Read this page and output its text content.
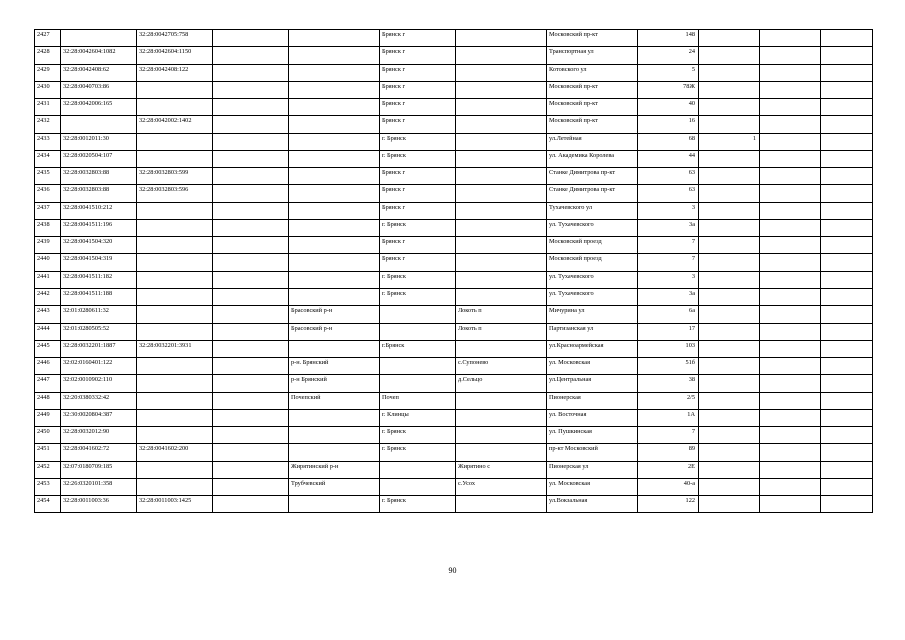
2427		32:28:0042705:758			Брянск г		Московский пр-кт	148			
2428	32:28:0042604:1082	32:28:0042604:1150			Брянск г		Транспортная ул	24			
2429	32:28:0042408:62	32:28:0042408:122			Брянск г		Котовского ул	5			
2430	32:28:0040703:86				Брянск г		Московский пр-кт	78Ж			
2431	32:28:0042006:165				Брянск г		Московский пр-кт	40			
2432		32:28:0042002:1402			Брянск г		Московский пр-кт	16			
2433	32:28:0012011:30				г. Брянск		ул.Летейная	68	1		
2434	32:28:0020504:107				г. Брянск		ул. Академика Королева	44			
2435	32:28:0032803:88	32:28:0032803:599			Брянск г		Станке Димитрова пр-кт	63			
2436	32:28:0032803:88	32:28:0032803:596			Брянск г		Станке Димитрова пр-кт	63			
2437	32:28:0041510:212				Брянск г		Тухачевского ул	3			
2438	32:28:0041511:196				г. Брянск		ул. Тухачевского	3а			
2439	32:28:0041504:320				Брянск г		Московский проезд	7			
2440	32:28:0041504:319				Брянск г		Московский проезд	7			
2441	32:28:0041511:182				г. Брянск		ул. Тухачевского	3			
2442	32:28:0041511:188				г. Брянск		ул. Тухачевского	3а			
2443	32:01:0280611:32			Брасовский р-н		Локоть п	Мичурина ул	6а			
2444	32:01:0280505:52			Брасовский р-н		Локоть п	Партизанская ул	17			
2445	32:28:0032201:1887	32:28:0032201:3931			г.Брянск		ул.Красноармейская	103			
2446	32:02:0160401:122			р-н. Брянский		с.Супонево	ул. Московская	51б			
2447	32:02:0010902:110			р-н Брянский		д.Сельцо	ул.Центральная	38			
2448	32:20:0380332:42			Почепский	Почеп		Пионерская	2/5			
2449	32:30:0020804:387				г. Клинцы		ул. Восточная	1А			
2450	32:28:0032012:90				г. Брянск		ул. Пушкинская	7			
2451	32:28:0041602:72	32:28:0041602:200			г. Брянск		пр-кт Московский	89			
2452	32:07:0180709:185			Жирятинский р-н		Жирятино с	Пионерская ул	2Е			
2453	32:26:0320101:358			Трубчевский		с.Усох	ул. Московская	40-а			
2454	32:28:0011003:36	32:28:0011003:1425			г. Брянск		ул.Вокзальная	122			
90
